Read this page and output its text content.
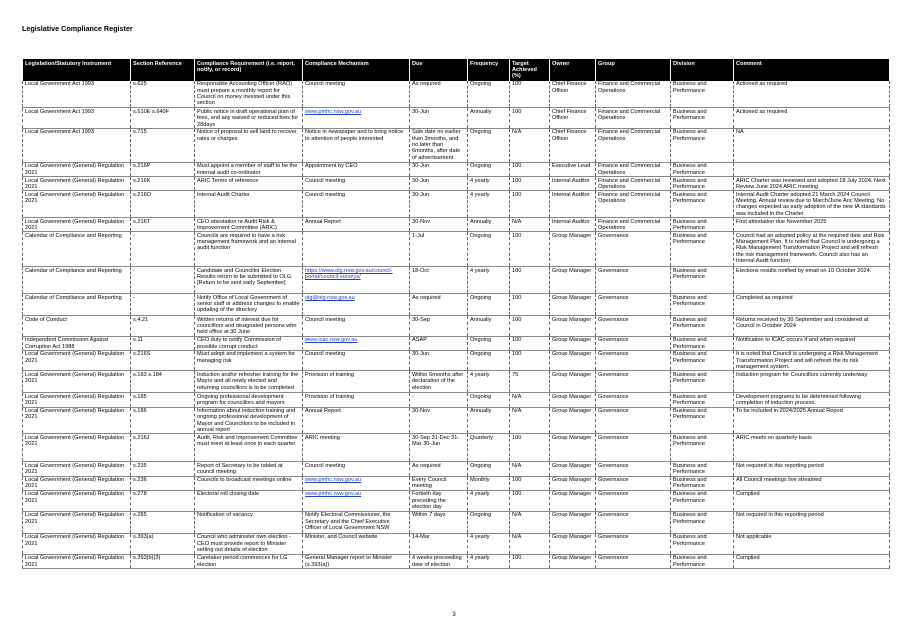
Legislative Compliance Register
Legislation/Statutory Instrument	Section Reference	Compliance Requirement (i.e. report, notify, or record)	Compliance Mechanism	Due	Frequency	Target Achieved (%)	Owner	Group	Division	Comment
Local Government Act 1993	s.625	Responsible Accounting Officer (RAO) must prepare a monthly report for Council on money invested under this section	Council meeting	As required	Ongoing	100	Chief Finance Officer	Finance and Commercial Operations	Business and Performance	Actioned as required
Local Government Act 1993	s.610E s.640F	Public notice in draft operational plan of fees, and any waived or reduced fees for 28days	www.pmhc.nsw.gov.au	30-Jun	Annually	100	Chief Finance Officer	Finance and Commercial Operations	Business and Performance	Actioned as required
Local Government Act 1993	s.715	Notice of proposal to sell land to recover rates or charges	Notice in newspaper and to bring notice to attention of people interested	Sale date no earlier than 3months, and no later than 6months, after date of advertisement	Ongoing	N/A	Chief Finance Officer	Finance and Commercial Operations	Business and Performance	NA
Local Government (General) Regulation 2021	s.216P	Must appoint a member of staff to be the internal audit co-ordinator	Appointment by CEO	30-Jun	Ongoing	100	Executive Lead	Finance and Commercial Operations	Business and Performance	
Local Government (General) Regulation 2021	s.216K	ARIC Terms of reference	Council meeting	30-Jun	4 yearly	100	Internal Auditor	Finance and Commercial Operations	Business and Performance	ARIC Charter was reviewed and adopted 18 July 2024. Next Review June 2024 ARIC meeting
Local Government (General) Regulation 2021	s.216O	Internal Audit Charter	Council meeting	30-Jun	4 yearly	100	Internal Auditor	Finance and Commercial Operations	Business and Performance	Internal Audit Charter adopted 21 March 2024 Council Meeting. Annual review due to March/June Aric Meeting. No changes expected as early adoption of the new IA standards was included in the Charter
Local Government (General) Regulation 2021	s.216T	CEO attestation re Audit Risk & Improvement Committee (ARIC)	Annual Report	30-Nov	Annually	N/A	Internal Auditor	Finance and Commercial Operations	Business and Performance	First attestation due November 2025
Calendar of Compliance and Reporting	-	Councils are required to have a risk management framework and an internal audit function		1-Jul	Ongoing	100	Group Manager	Governance	Business and Performance	Council had an adopted policy at the required date and Risk Management Plan. It is noted that Council is undergoing a Risk Management Transformation Project and will refresh the risk management framework. Council also has an Internal Audit function
Calendar of Compliance and Reporting	-	Candidate and Councillor Election Results return to be submitted to OLG [Return to be sent early September]	https://www.olg.nsw.gov.au/council-portal/council-surveys/	18-Oct	4 yearly	100	Group Manager	Governance	Business and Performance	Elections results notified by email on 10 October 2024.
Calendar of Compliance and Reporting	-	Notify Office of Local Government of senior staff or address changes to enable updating of the directory	olg@olg.nsw.gov.au	As required	Ongoing	100	Group Manager	Governance	Business and Performance	Completed as required
Code of Conduct	s.4.21	Written returns of interest due for councillors and designated persons who held office at 30 June	Council meeting	30-Sep	Annually	100	Group Manager	Governance	Business and Performance	Returns received by 30 September and considered at Council in October 2024
Independent Commission Against Corruption Act 1988	s.11	CEO duty to notify Commission of possible corrupt conduct	www.icac.nsw.gov.au	ASAP	Ongoing	100	Group Manager	Governance	Business and Performance	Notification to ICAC occurs if and when required
Local Government (General) Regulation 2021	s.216S	Must adopt and implement a system for managing risk	Council meeting	30-Jun	Ongoing	100	Group Manager	Governance	Business and Performance	It is noted that Council is undergoing a Risk Management Transformation Project and will refresh the its risk management system.
Local Government (General) Regulation 2021	s.183 s.184	Induction and/or refresher training for the Mayor and all newly elected and returning councillors is to be completed	Provision of training	Within 6months after declaration of the election	4 yearly	75	Group Manager	Governance	Business and Performance	Induction program for Councillors currently underway
Local Government (General) Regulation 2021	s.185	Ongoing professional development program for councillors and mayors	Provision of training	-	Ongoing	N/A	Group Manager	Governance	Business and Performance	Development programs to be determined following completion of induction process.
Local Government (General) Regulation 2021	s.186	Information about induction training and ongoing professional development of Mayor and Councillors to be included in annual report	Annual Report	30-Nov	Annually	N/A	Group Manager	Governance	Business and Performance	To be included in 2024/2025 Annual Report
Local Government (General) Regulation 2021	s.216J	Audit, Risk and Improvement Committee must meet at least once in each quarter.	ARIC meeting	30-Sep 31-Dec 31-Mar 30-Jun	Quarterly	100	Group Manager	Governance	Business and Performance	ARIC meets on quarterly basis
Local Government (General) Regulation 2021	s.235	Report of Secretary to be tabled at council meeting	Council meeting	As required	Ongoing	N/A	Group Manager	Governance	Business and Performance	Not required in this reporting period
Local Government (General) Regulation 2021	s.236	Councils to broadcast meetings online	www.pmhc.nsw.gov.au	Every Council meeting	Monthly	100	Group Manager	Governance	Business and Performance	All Council meetings live streamed
Local Government (General) Regulation 2021	s.278	Electoral roll closing date	www.pmhc.nsw.gov.au	Fortieth day preceding the election day	4 yearly	100	Group Manager	Governance	Business and Performance	Complied
Local Government (General) Regulation 2021	s.285	Notification of vacancy	Notify Electoral Commissioner, the Secretary and the Chief Executive Officer of Local Government NSW	Within 7 days	Ongoing	N/A	Group Manager	Governance	Business and Performance	Not required in this reporting period
Local Government (General) Regulation 2021	s.393(a)	Council who administer own election - CEO must provide report to Minister setting out details of election	Minister, and Council website	14-Mar	4 yearly	N/A	Group Manager	Governance	Business and Performance	Not applicable
Local Government (General) Regulation 2021	s.393(b)(3)	Caretaker period commences for LG election	General Manager report to Minister (s.393(a))	4 weeks preceeding date of election	4 yearly	100	Group Manager	Governance	Business and Performance	Complied
3
